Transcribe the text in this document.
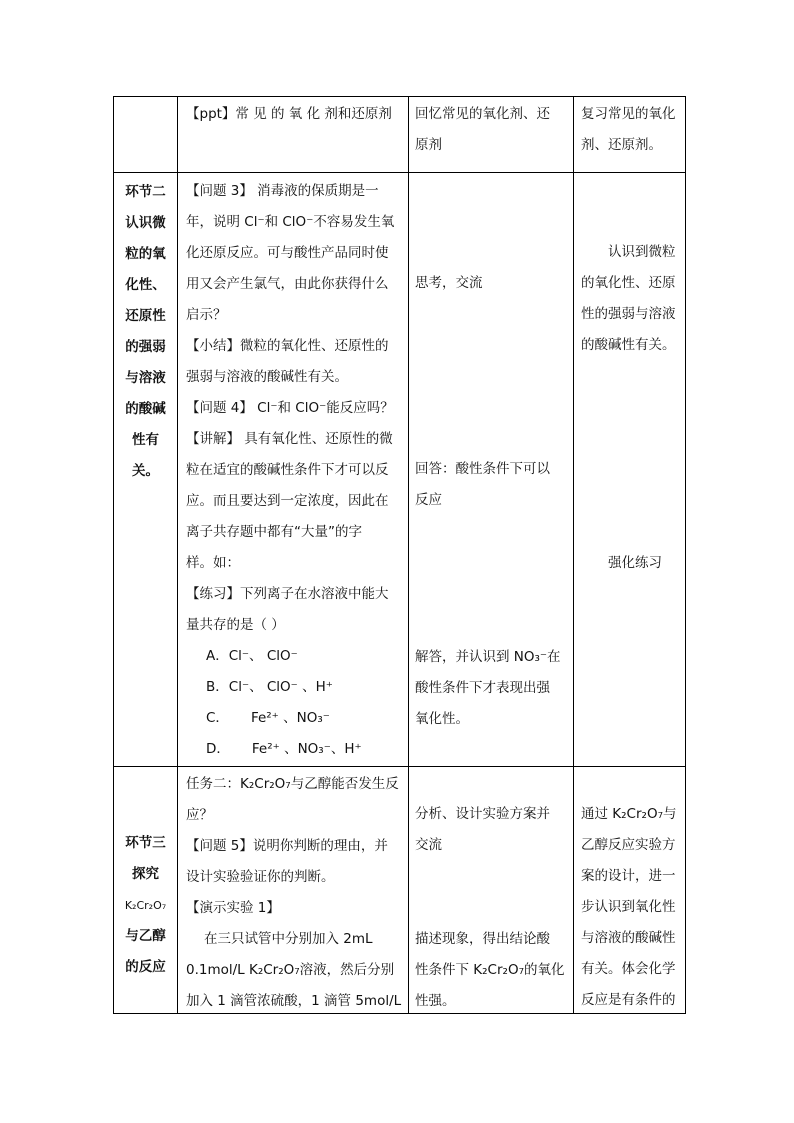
【ppt】常 见 的 氧 化 剂和还原剂 回忆常见的氧化剂、还
原剂
复习常见的氧化
剂、还原剂。
环节二
认识微
粒的氧
化性、
还原性
的强弱
与溶液
的酸碱
性有
关。
【问题 3】 消毒液的保质期是一
年，说明 Cl⁻和 ClO⁻不容易发生氧
化还原反应。可与酸性产品同时使
用又会产生氯气，由此你获得什么
启示？
【小结】微粒的氧化性、还原性的
强弱与溶液的酸碱性有关。
【问题 4】 Cl⁻和 ClO⁻能反应吗？
【讲解】 具有氧化性、还原性的微
粒在适宜的酸碱性条件下才可以反
应。而且要达到一定浓度，因此在
离子共存题中都有“大量”的字
样。如：
【练习】下列离子在水溶液中能大
量共存的是（ ）
A．Cl⁻、 ClO⁻
B．Cl⁻、 ClO⁻ 、H⁺
C． Fe²⁺ 、NO₃⁻
D． Fe²⁺ 、NO₃⁻、H⁺
思考，交流
回答：酸性条件下可以
反应
解答，并认识到 NO₃⁻在
酸性条件下才表现出强
氧化性。
认识到微粒
的氧化性、还原
性的强弱与溶液
的酸碱性有关。
强化练习
环节三
探究
K₂Cr₂O₇
与乙醇
的反应
任务二：K₂Cr₂O₇与乙醇能否发生反
应？
【问题 5】说明你判断的理由，并
设计实验验证你的判断。
【演示实验 1】
在三只试管中分别加入 2mL
0.1mol/L K₂Cr₂O₇溶液，然后分别
加入 1 滴管浓硫酸，1 滴管 5mol/L
分析、设计实验方案并
交流
描述现象，得出结论酸
性条件下 K₂Cr₂O₇的氧化
性强。
通过 K₂Cr₂O₇与
乙醇反应实验方
案的设计，进一
步认识到氧化性
与溶液的酸碱性
有关。体会化学
反应是有条件的
